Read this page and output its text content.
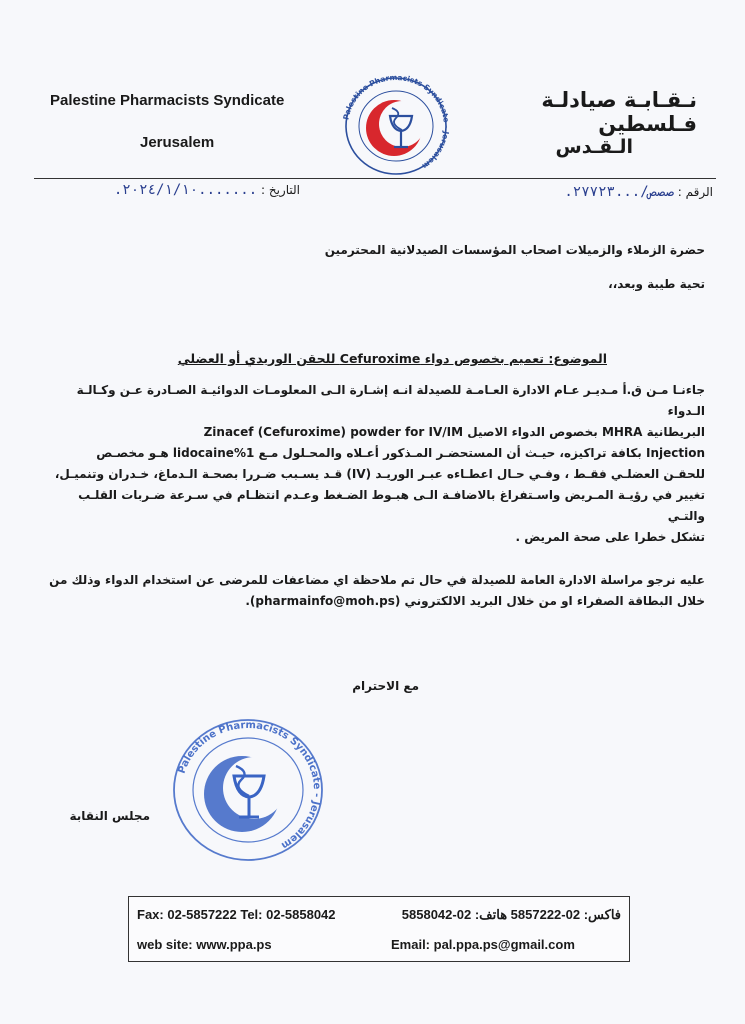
Palestine Pharmacists Syndicate
Jerusalem
نـقـابـة صيادلـة فـلسطين
الـقـدس
Palestine Pharmacists Syndicate - Jerusalem
الرقم : صصص/...٢٧٧٢٣.
التاريخ : .......٢٠٢٤/١/١٠.
حضرة الزملاء والزميلات اصحاب المؤسسات الصيدلانية المحترمين
تحية طيبة وبعد،،
الموضوع: تعميم بخصوص دواء Cefuroxime للحقن الوريدي أو العضلي
جاءنـا مـن ق.أ مـديـر عـام الادارة العـامـة للصيدلة انـه إشـارة الـى المعلومـات الدوائيـة الصـادرة عـن وكـالـة الـدواء
البريطانية MHRA بخصوص الدواء الاصيل Zinacef (Cefuroxime) powder for IV/IM
Injection بكافة تراكيزه، حيـث أن المستحضـر المـذكور أعـلاه والمحـلول مـع 1%lidocaine هـو مخصـص
للحقـن العضلـي فقـط ، وفـي حـال اعطـاءه عبـر الوريـد (IV) قـد يسـبب ضـررا بصحـة الـدماغ، خـدران وتنميـل،
تغيير في رؤيـة المـريض واسـتفراغ بالاضافـة الـى هبـوط الضـغط وعـدم انتظـام في سـرعة ضـربات القلـب والتـي
تشكل خطرا على صحة المريض .
عليه نرجو مراسلة الادارة العامة للصيدلة في حال تم ملاحظة اي مضاعفات للمرضى عن استخدام الدواء وذلك من
خلال البطاقة الصفراء او من خلال البريد الالكتروني (pharmainfo@moh.ps).
مع الاحترام
Palestine Pharmacists Syndicate - Jerusalem
مجلس النقابة
Fax: 02-5857222 Tel: 02-5858042	فاكس: 02-5857222 هاتف: 02-5858042
web site: www.ppa.ps	Email: pal.ppa.ps@gmail.com
